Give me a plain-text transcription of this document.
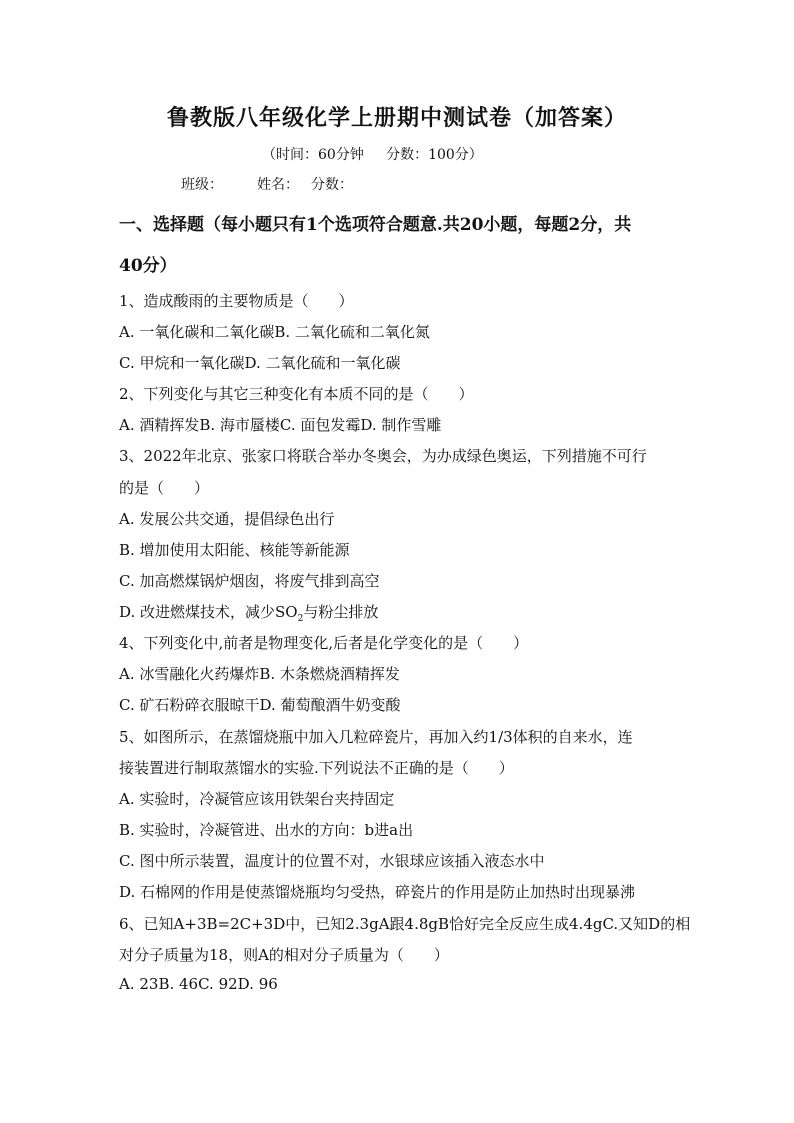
鲁教版八年级化学上册期中测试卷（加答案）
（时间：60分钟     分数：100分）
班级： 姓名： 分数：
一、选择题（每小题只有1个选项符合题意.共20小题，每题2分，共
40分）
1、造成酸雨的主要物质是（　　）
A. 一氧化碳和二氧化碳B. 二氧化硫和二氧化氮
C. 甲烷和一氧化碳D. 二氧化硫和一氧化碳
2、下列变化与其它三种变化有本质不同的是（　　）
A. 酒精挥发B. 海市蜃楼C. 面包发霉D. 制作雪雕
3、2022年北京、张家口将联合举办冬奥会，为办成绿色奥运，下列措施不可行
的是（　　）
A. 发展公共交通，提倡绿色出行
B. 增加使用太阳能、核能等新能源
C. 加高燃煤锅炉烟囱，将废气排到高空
D. 改进燃煤技术，减少$SO_2$与粉尘排放
4、下列变化中,前者是物理变化,后者是化学变化的是（　　）
A. 冰雪融化火药爆炸B. 木条燃烧酒精挥发
C. 矿石粉碎衣服晾干D. 葡萄酿酒牛奶变酸
5、如图所示，在蒸馏烧瓶中加入几粒碎瓷片，再加入约1/3体积的自来水，连
接装置进行制取蒸馏水的实验.下列说法不正确的是（　　）
A. 实验时，冷凝管应该用铁架台夹持固定
B. 实验时，冷凝管进、出水的方向：b进a出
C. 图中所示装置，温度计的位置不对，水银球应该插入液态水中
D. 石棉网的作用是使蒸馏烧瓶均匀受热，碎瓷片的作用是防止加热时出现暴沸
6、已知A+3B=2C+3D中，已知2.3gA跟4.8gB恰好完全反应生成4.4gC.又知D的相
对分子质量为18，则A的相对分子质量为（　　）
A. 23B. 46C. 92D. 96
